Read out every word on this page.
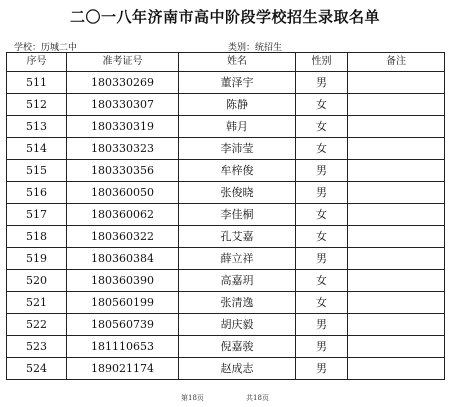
二〇一八年济南市高中阶段学校招生录取名单
学校：历城二中	类别：统招生
序号	准考证号	姓名	性别	备注
511	180330269	董泽宇	男	
512	180330307	陈静	女	
513	180330319	韩月	女	
514	180330323	李沛莹	女	
515	180330356	牟梓俊	男	
516	180360050	张俊晓	男	
517	180360062	李佳桐	女	
518	180360322	孔艾嘉	女	
519	180360384	薛立祥	男	
520	180360390	高嘉玥	女	
521	180560199	张清逸	女	
522	180560739	胡庆毅	男	
523	181110653	倪嘉骏	男	
524	189021174	赵成志	男	
第18页	共18页
